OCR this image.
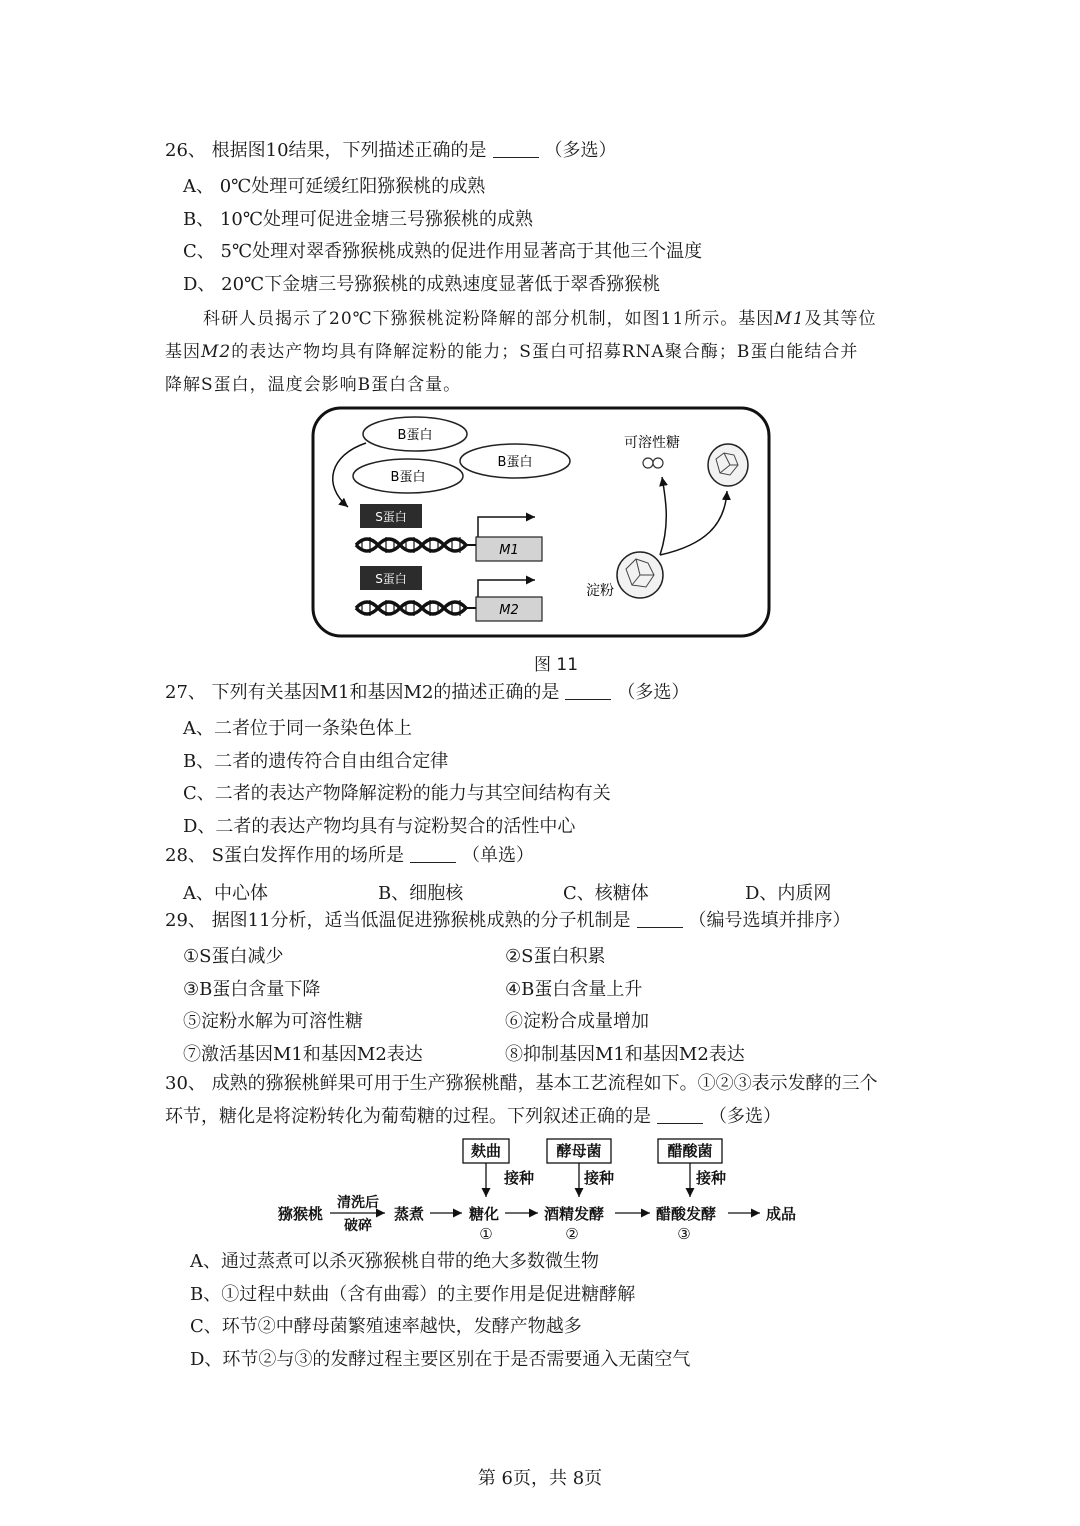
26、 根据图10结果，下列描述正确的是	（多选）
A、 0℃处理可延缓红阳猕猴桃的成熟
B、 10℃处理可促进金塘三号猕猴桃的成熟
C、 5℃处理对翠香猕猴桃成熟的促进作用显著高于其他三个温度
D、 20℃下金塘三号猕猴桃的成熟速度显著低于翠香猕猴桃
科研人员揭示了20℃下猕猴桃淀粉降解的部分机制，如图11所示。基因M1及其等位
基因M2的表达产物均具有降解淀粉的能力；S蛋白可招募RNA聚合酶；B蛋白能结合并
降解S蛋白，温度会影响B蛋白含量。
B蛋白
B蛋白
B蛋白
S蛋白
M1
S蛋白
M2
可溶性糖
淀粉
图 11
27、 下列有关基因M1和基因M2的描述正确的是	（多选）
A、二者位于同一条染色体上
B、二者的遗传符合自由组合定律
C、二者的表达产物降解淀粉的能力与其空间结构有关
D、二者的表达产物均具有与淀粉契合的活性中心
28、 S蛋白发挥作用的场所是	（单选）
A、中心体	B、细胞核	C、核糖体	D、内质网
29、 据图11分析，适当低温促进猕猴桃成熟的分子机制是	（编号选填并排序）
①S蛋白减少	②S蛋白积累
③B蛋白含量下降	④B蛋白含量上升
⑤淀粉水解为可溶性糖	⑥淀粉合成量增加
⑦激活基因M1和基因M2表达	⑧抑制基因M1和基因M2表达
30、 成熟的猕猴桃鲜果可用于生产猕猴桃醋，基本工艺流程如下。①②③表示发酵的三个
环节，糖化是将淀粉转化为葡萄糖的过程。下列叙述正确的是	（多选）
麸曲	酵母菌	醋酸菌
接种	接种	接种
猕猴桃
清洗后
破碎
蒸煮	糖化	酒精发酵	醋酸发酵	成品
①	②	③
A、通过蒸煮可以杀灭猕猴桃自带的绝大多数微生物
B、①过程中麸曲（含有曲霉）的主要作用是促进糖酵解
C、环节②中酵母菌繁殖速率越快，发酵产物越多
D、环节②与③的发酵过程主要区别在于是否需要通入无菌空气
第 6页，共 8页
